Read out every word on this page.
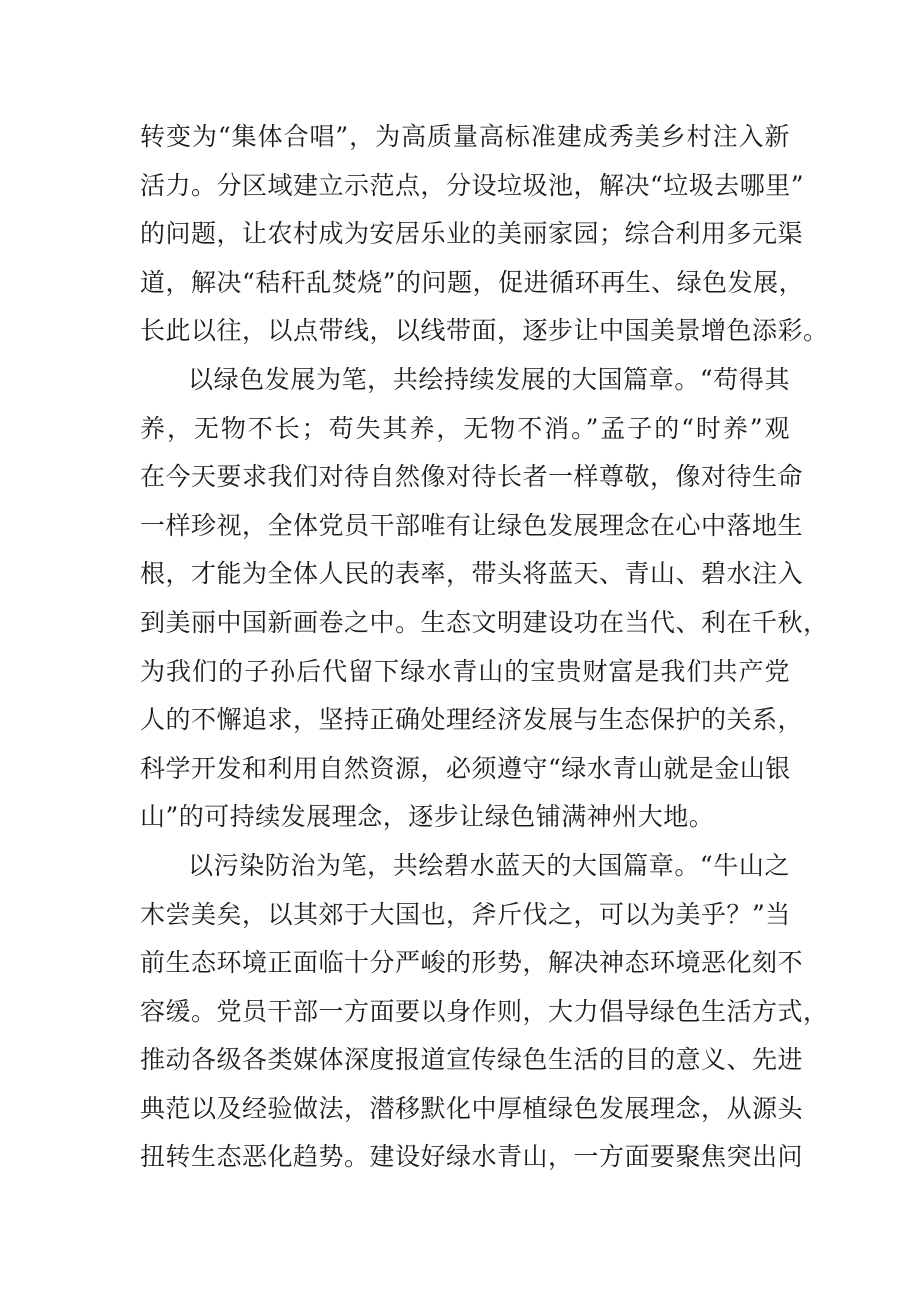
转变为“集体合唱”，为高质量高标准建成秀美乡村注入新
活力。分区域建立示范点，分设垃圾池，解决“垃圾去哪里”
的问题，让农村成为安居乐业的美丽家园；综合利用多元渠
道，解决“秸秆乱焚烧”的问题，促进循环再生、绿色发展，
长此以往，以点带线，以线带面，逐步让中国美景增色添彩。
以绿色发展为笔，共绘持续发展的大国篇章。“苟得其
养，无物不长；苟失其养，无物不消。”孟子的“时养”观
在今天要求我们对待自然像对待长者一样尊敬，像对待生命
一样珍视，全体党员干部唯有让绿色发展理念在心中落地生
根，才能为全体人民的表率，带头将蓝天、青山、碧水注入
到美丽中国新画卷之中。生态文明建设功在当代、利在千秋，
为我们的子孙后代留下绿水青山的宝贵财富是我们共产党
人的不懈追求，坚持正确处理经济发展与生态保护的关系，
科学开发和利用自然资源，必须遵守“绿水青山就是金山银
山”的可持续发展理念，逐步让绿色铺满神州大地。
以污染防治为笔，共绘碧水蓝天的大国篇章。“牛山之
木尝美矣，以其郊于大国也，斧斤伐之，可以为美乎？”当
前生态环境正面临十分严峻的形势，解决神态环境恶化刻不
容缓。党员干部一方面要以身作则，大力倡导绿色生活方式，
推动各级各类媒体深度报道宣传绿色生活的目的意义、先进
典范以及经验做法，潜移默化中厚植绿色发展理念，从源头
扭转生态恶化趋势。建设好绿水青山，一方面要聚焦突出问
